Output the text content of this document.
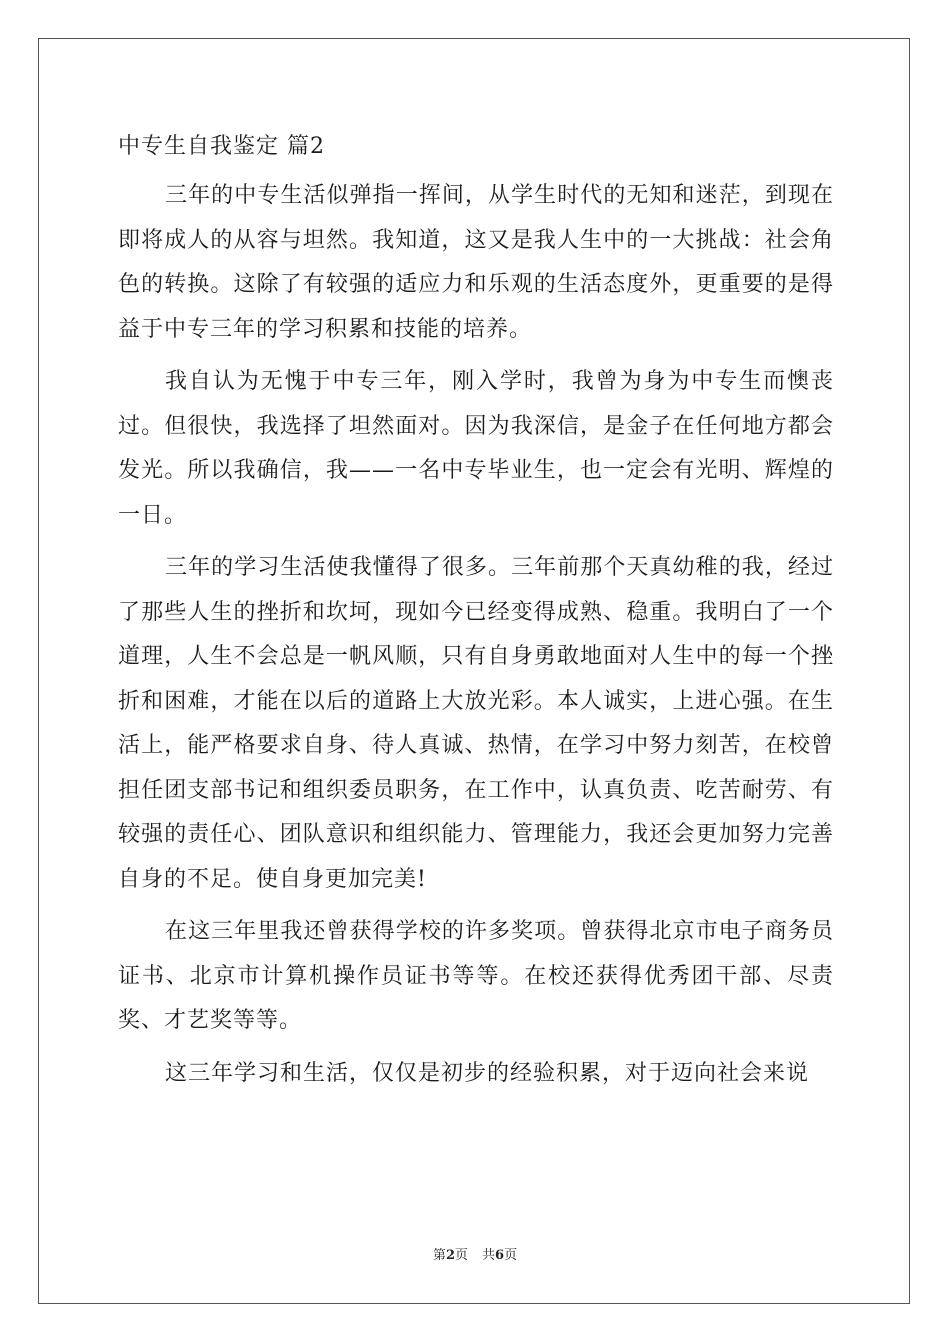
中专生自我鉴定 篇2

三年的中专生活似弹指一挥间，从学生时代的无知和迷茫，到现在即将成人的从容与坦然。我知道，这又是我人生中的一大挑战：社会角色的转换。这除了有较强的适应力和乐观的生活态度外，更重要的是得益于中专三年的学习积累和技能的培养。

我自认为无愧于中专三年，刚入学时，我曾为身为中专生而懊丧过。但很快，我选择了坦然面对。因为我深信，是金子在任何地方都会发光。所以我确信，我——一名中专毕业生，也一定会有光明、辉煌的一日。

三年的学习生活使我懂得了很多。三年前那个天真幼稚的我，经过了那些人生的挫折和坎坷，现如今已经变得成熟、稳重。我明白了一个道理，人生不会总是一帆风顺，只有自身勇敢地面对人生中的每一个挫折和困难，才能在以后的道路上大放光彩。本人诚实，上进心强。在生活上，能严格要求自身、待人真诚、热情，在学习中努力刻苦，在校曾担任团支部书记和组织委员职务，在工作中，认真负责、吃苦耐劳、有较强的责任心、团队意识和组织能力、管理能力，我还会更加努力完善自身的不足。使自身更加完美!

在这三年里我还曾获得学校的许多奖项。曾获得北京市电子商务员证书、北京市计算机操作员证书等等。在校还获得优秀团干部、尽责奖、才艺奖等等。

这三年学习和生活，仅仅是初步的经验积累，对于迈向社会来说

第2页 共6页
